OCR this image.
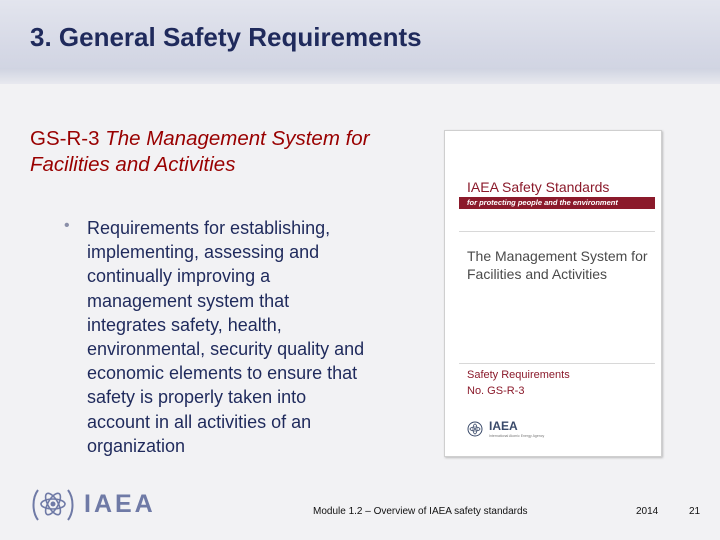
3. General Safety Requirements
GS-R-3 The Management System for Facilities and Activities
• Requirements for establishing, implementing, assessing and continually improving a management system that integrates safety, health, environmental, security quality and economic elements to ensure that safety is properly taken into account in all activities of an organization
IAEA Safety Standards
for protecting people and the environment
The Management System for Facilities and Activities
Safety Requirements
No. GS-R-3
IAEA
International Atomic Energy Agency
IAEA	Module 1.2 – Overview of IAEA safety standards	2014	21
